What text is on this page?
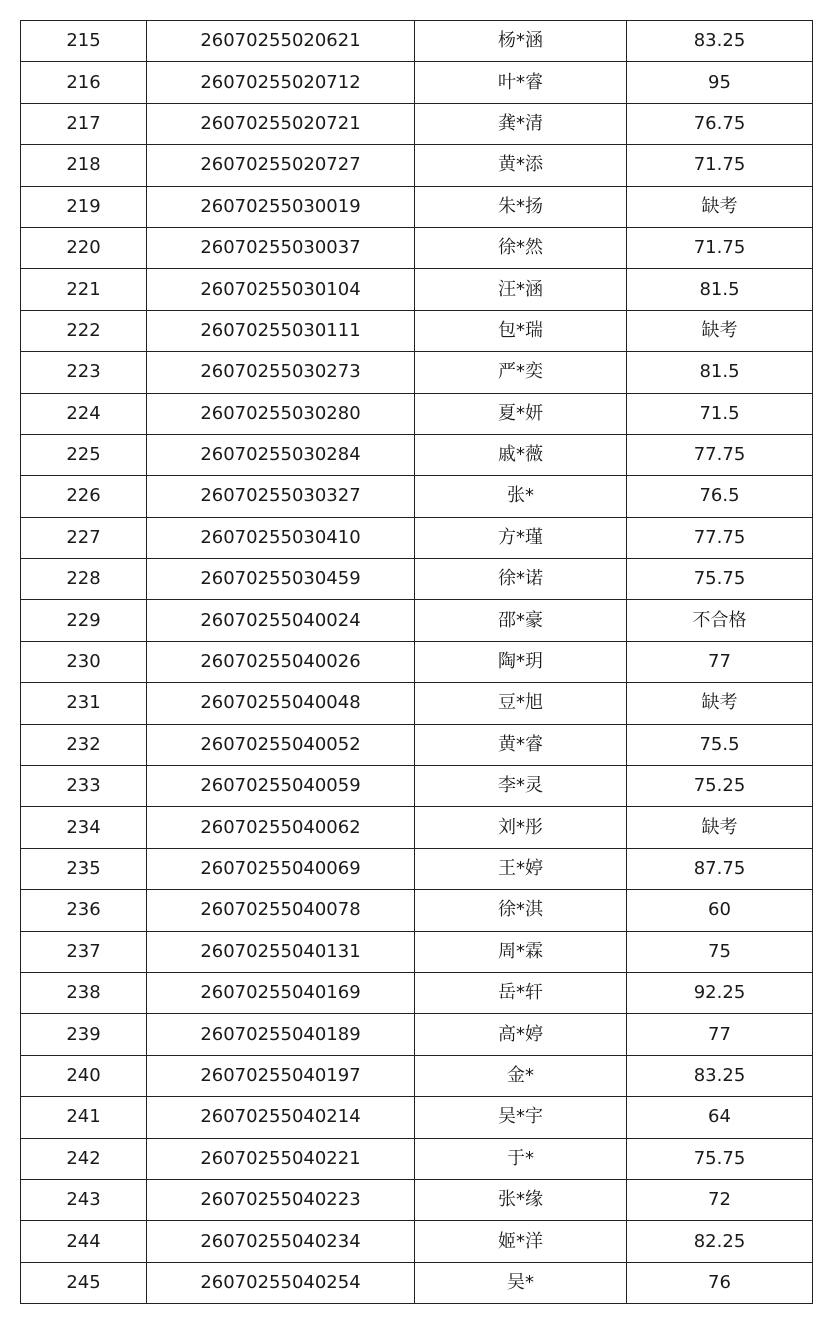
215	26070255020621	杨*涵	83.25
216	26070255020712	叶*睿	95
217	26070255020721	龚*清	76.75
218	26070255020727	黄*添	71.75
219	26070255030019	朱*扬	缺考
220	26070255030037	徐*然	71.75
221	26070255030104	汪*涵	81.5
222	26070255030111	包*瑞	缺考
223	26070255030273	严*奕	81.5
224	26070255030280	夏*妍	71.5
225	26070255030284	戚*薇	77.75
226	26070255030327	张*	76.5
227	26070255030410	方*瑾	77.75
228	26070255030459	徐*诺	75.75
229	26070255040024	邵*豪	不合格
230	26070255040026	陶*玥	77
231	26070255040048	豆*旭	缺考
232	26070255040052	黄*睿	75.5
233	26070255040059	李*灵	75.25
234	26070255040062	刘*彤	缺考
235	26070255040069	王*婷	87.75
236	26070255040078	徐*淇	60
237	26070255040131	周*霖	75
238	26070255040169	岳*轩	92.25
239	26070255040189	高*婷	77
240	26070255040197	金*	83.25
241	26070255040214	吴*宇	64
242	26070255040221	于*	75.75
243	26070255040223	张*缘	72
244	26070255040234	姬*洋	82.25
245	26070255040254	吴*	76
